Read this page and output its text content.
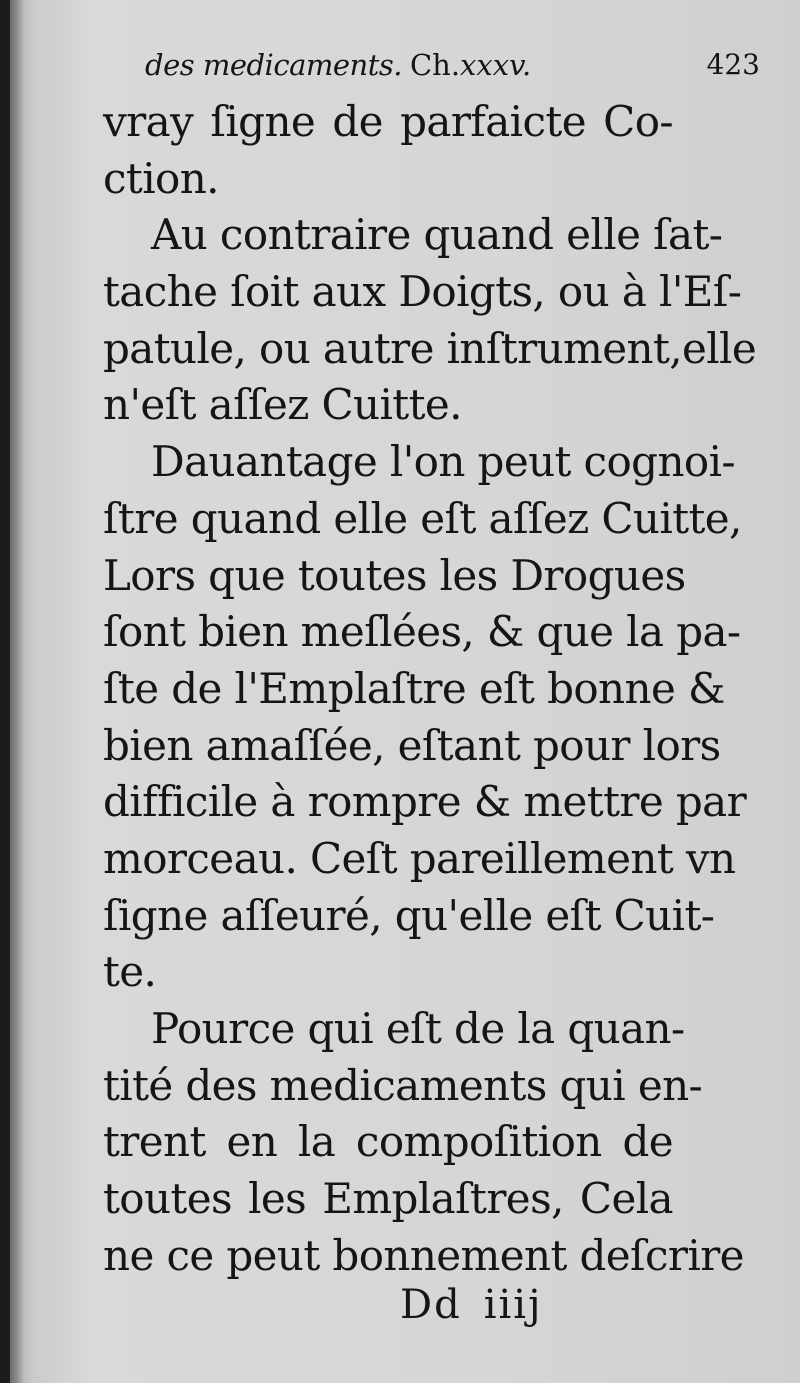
des medicaments. Ch.xxxv.	423
vray ſigne de parfaicte Co-
ction.
Au contraire quand elle ſat-
tache ſoit aux Doigts, ou à l'Eſ-
patule, ou autre inſtrument,elle
n'eſt aſſez Cuitte.
Dauantage l'on peut cognoi-
ſtre quand elle eſt aſſez Cuitte,
Lors que toutes les Drogues
ſont bien meſlées, & que la pa-
ſte de l'Emplaſtre eſt bonne &
bien amaſſée, eſtant pour lors
difficile à rompre & mettre par
morceau. Ceſt pareillement vn
ſigne aſſeuré, qu'elle eſt Cuit-
te.
Pource qui eſt de la quan-
tité des medicaments qui en-
trent en la compoſition de
toutes les Emplaſtres, Cela
ne ce peut bonnement deſcrire
Dd iiij
